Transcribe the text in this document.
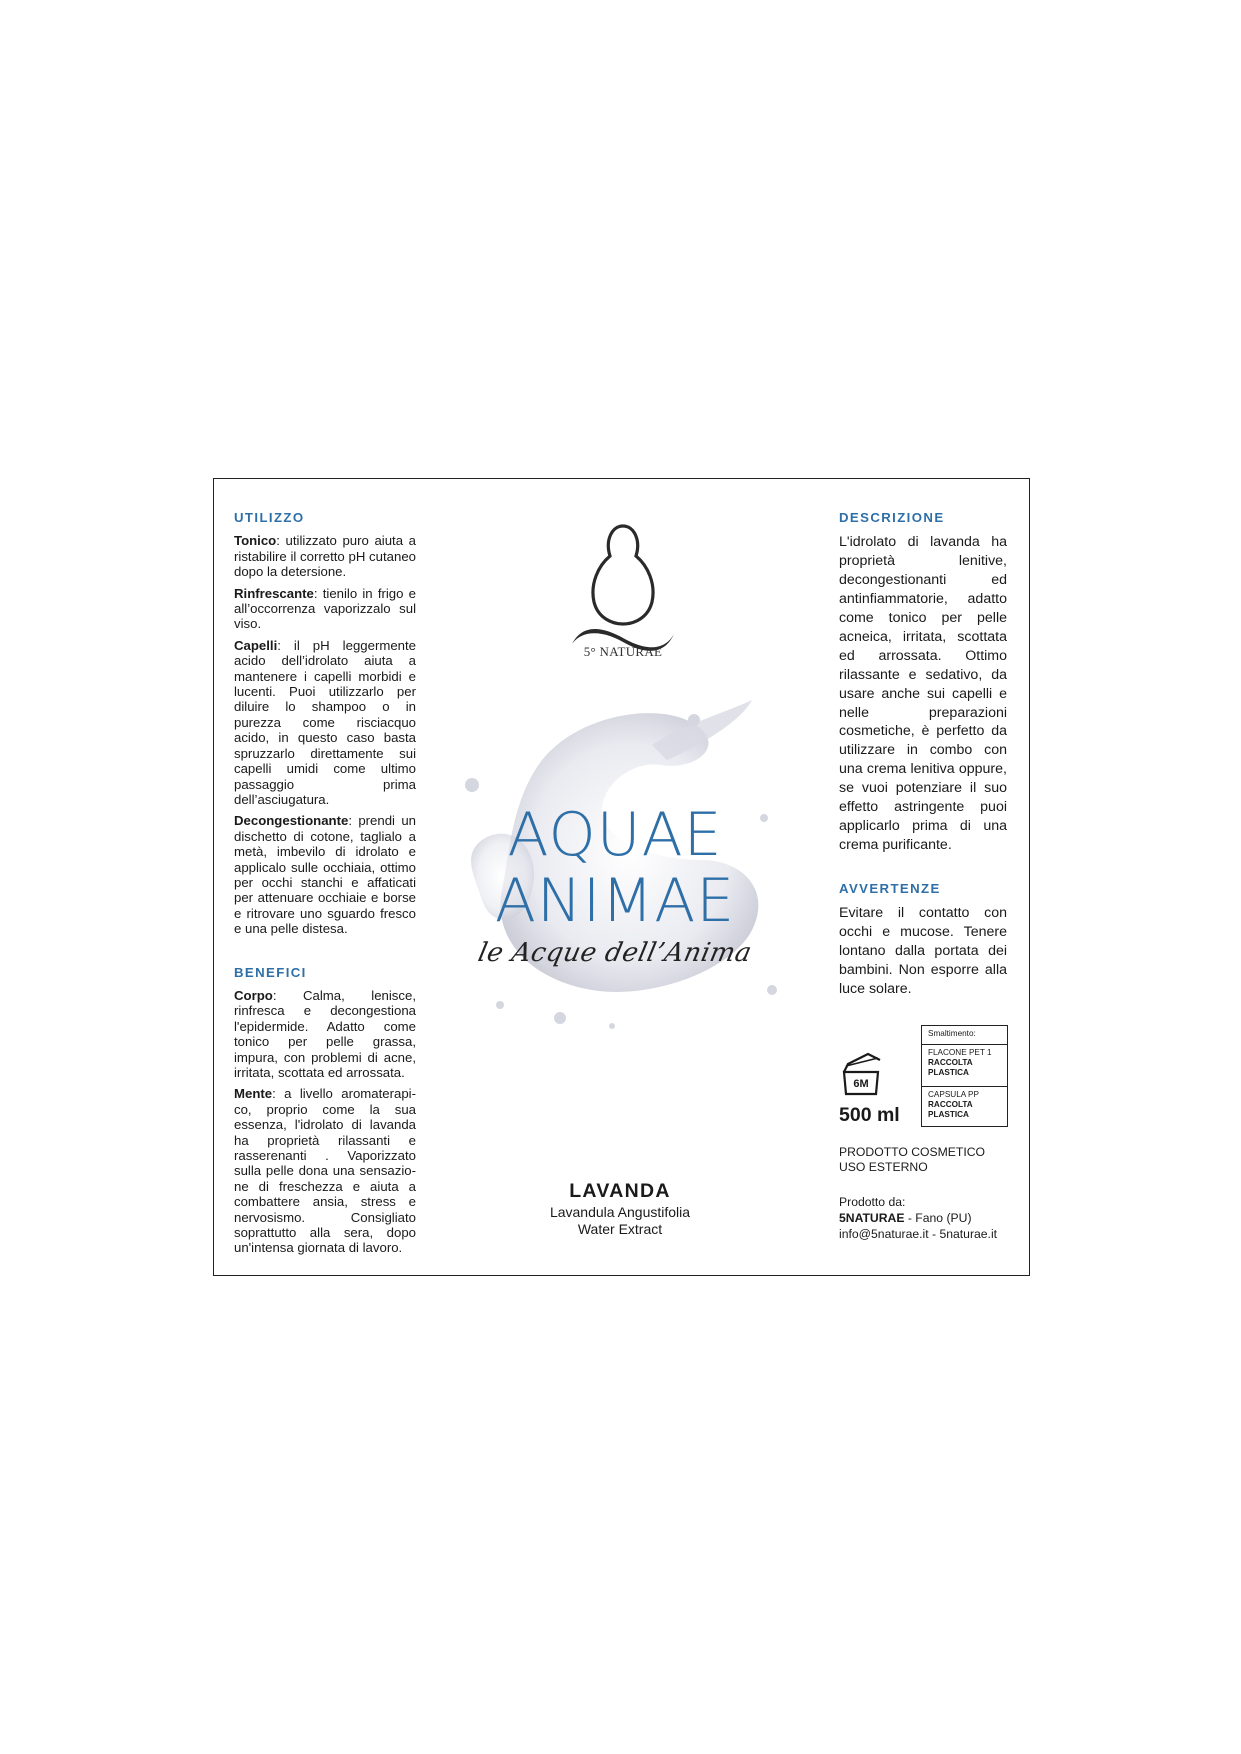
UTILIZZO

Tonico: utilizzato puro aiuta a ristabilire il corretto pH cutaneo dopo la detersione.

Rinfrescante: tienilo in frigo e all’occorrenza vaporizzalo sul viso.

Capelli: il pH leggermente acido dell’idrolato aiuta a mantenere i capelli morbidi e lucenti. Puoi utilizzarlo per diluire lo shampoo o in purezza come risciacquo acido, in questo caso basta spruzzarlo direttamente sui capelli umidi come ultimo passaggio prima dell’asciugatura.

Decongestionante: prendi un dischetto di cotone, taglialo a metà, imbevilo di idrolato e applicalo sulle occhiaia, ottimo per occhi stanchi e affaticati per attenuare occhiaie e borse e ritrovare uno sguardo fresco e una pelle distesa.

BENEFICI

Corpo: Calma, lenisce, rinfresca e decongestiona l'epidermide. Adatto come tonico per pelle grassa, impura, con problemi di acne, irritata, scottata ed arrossata.

Mente: a livello aromaterapi-co, proprio come la sua essenza, l'idrolato di lavanda ha proprietà rilassanti e rasserenanti . Vaporizzato sulla pelle dona una sensazio-ne di freschezza e aiuta a combattere ansia, stress e nervosismo. Consigliato soprattutto alla sera, dopo un'intensa giornata di lavoro.

5° NATURAE
AQUAE
ANIMAE
le Acque dell’Anima
LAVANDA
Lavandula Angustifolia
Water Extract
DESCRIZIONE

L'idrolato di lavanda ha proprietà lenitive, decongestionanti ed antinfiammatorie, adatto come tonico per pelle acneica, irritata, scottata ed arrossata. Ottimo rilassante e sedativo, da usare anche sui capelli e nelle preparazioni cosmetiche, è perfetto da utilizzare in combo con una crema lenitiva oppure, se vuoi potenziare il suo effetto astringente puoi applicarlo prima di una crema purificante.

AVVERTENZE

Evitare il contatto con occhi e mucose. Tenere lontano dalla portata dei bambini. Non esporre alla luce solare.

6M
500 ml
Smaltimento:
FLACONE PET 1
RACCOLTA PLASTICA
CAPSULA PP
RACCOLTA PLASTICA
PRODOTTO COSMETICO
USO ESTERNO
Prodotto da:
5NATURAE - Fano (PU)
info@5naturae.it - 5naturae.it
